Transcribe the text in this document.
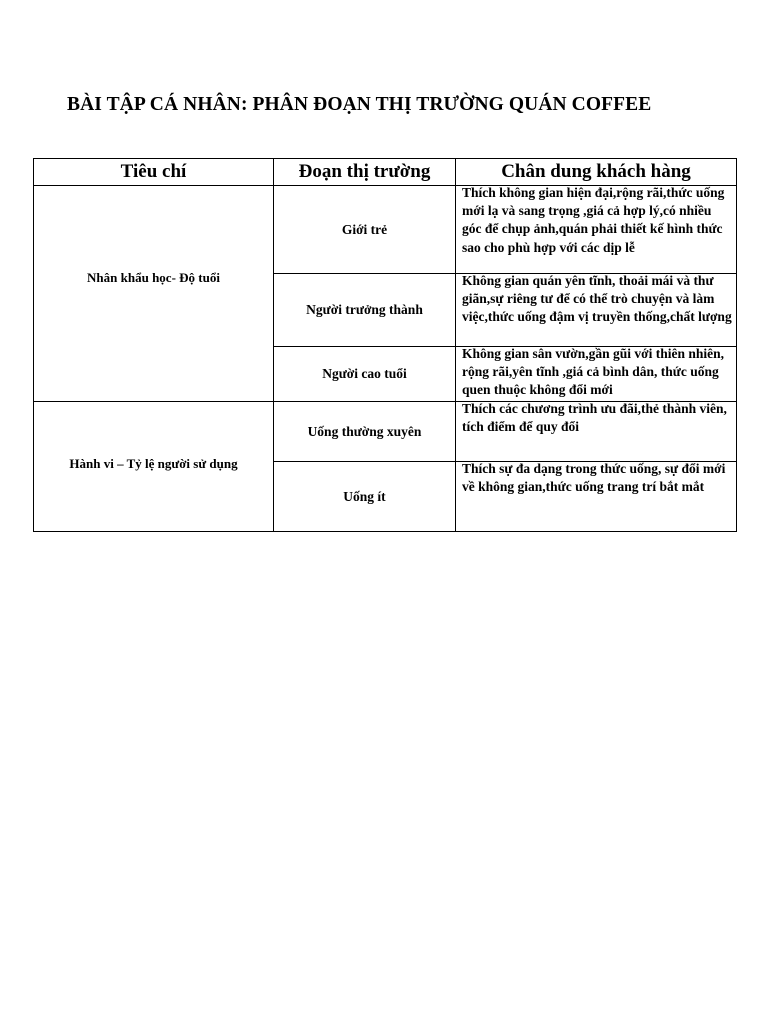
BÀI TẬP CÁ NHÂN: PHÂN ĐOẠN THỊ TRƯỜNG QUÁN COFFEE
Tiêu chí	Đoạn thị trường	Chân dung khách hàng
Nhân khẩu học- Độ tuổi	Giới trẻ	Thích không gian hiện đại,rộng rãi,thức uống mới lạ và sang trọng ,giá cả hợp lý,có nhiều góc để chụp ảnh,quán phải thiết kế hình thức sao cho phù hợp với các dịp lễ

	Người trưởng thành	Không gian quán yên tĩnh, thoải mái và thư giãn,sự riêng tư để có thể trò chuyện và làm việc,thức uống đậm vị truyền thống,chất lượng

	Người cao tuổi	Không gian sân vườn,gần gũi với thiên nhiên, rộng rãi,yên tĩnh ,giá cả bình dân, thức uống quen thuộc không đổi mới

Hành vi – Tỷ lệ người sử dụng	Uống thường xuyên	Thích các chương trình ưu đãi,thẻ thành viên, tích điểm để quy đổi

	Uống ít	Thích sự đa dạng trong thức uống, sự đổi mới về không gian,thức uống trang trí bắt mắt
